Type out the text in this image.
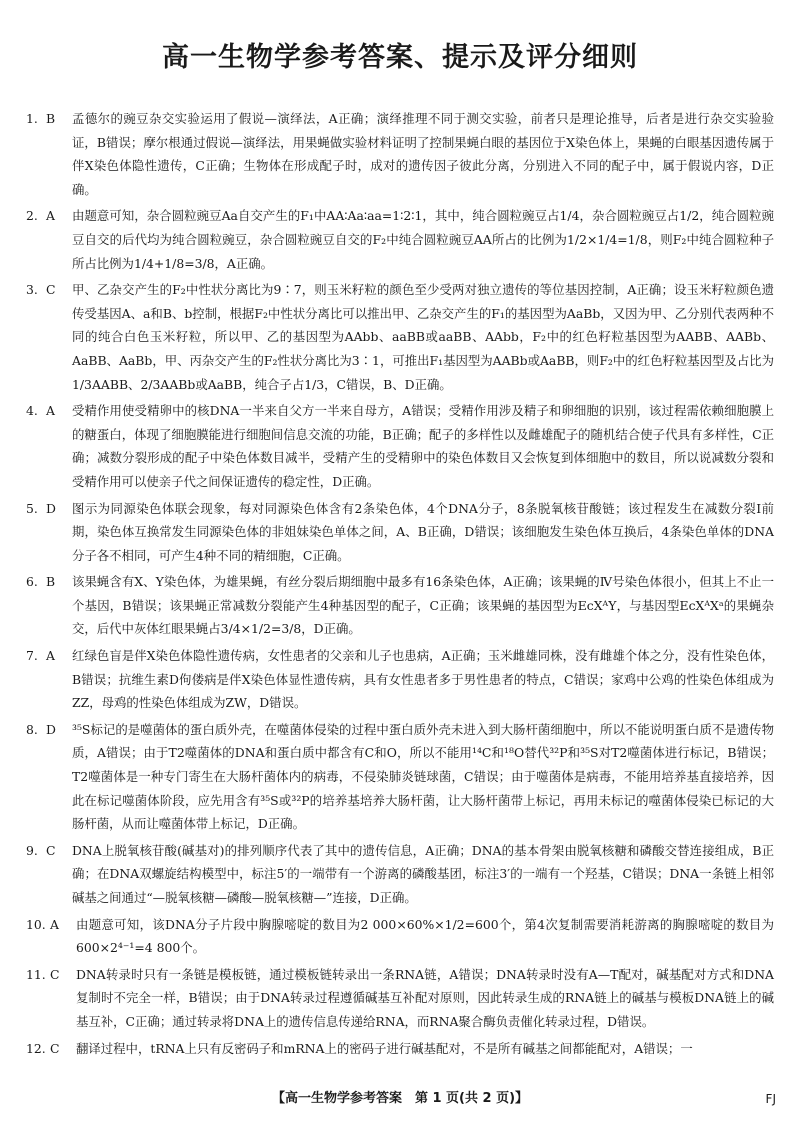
高一生物学参考答案、提示及评分细则
1. B	孟德尔的豌豆杂交实验运用了假说—演绎法，A正确；演绎推理不同于测交实验，前者只是理论推导，后者是进行杂交实验验证，B错误；摩尔根通过假说—演绎法，用果蝇做实验材料证明了控制果蝇白眼的基因位于X染色体上，果蝇的白眼基因遗传属于伴X染色体隐性遗传，C正确；生物体在形成配子时，成对的遗传因子彼此分离，分别进入不同的配子中，属于假说内容，D正确。
2. A	由题意可知，杂合圆粒豌豆Aa自交产生的F₁中AA∶Aa∶aa=1∶2∶1，其中，纯合圆粒豌豆占1/4，杂合圆粒豌豆占1/2，纯合圆粒豌豆自交的后代均为纯合圆粒豌豆，杂合圆粒豌豆自交的F₂中纯合圆粒豌豆AA所占的比例为1/2×1/4=1/8，则F₂中纯合圆粒种子所占比例为1/4+1/8=3/8，A正确。
3. C	甲、乙杂交产生的F₂中性状分离比为9∶7，则玉米籽粒的颜色至少受两对独立遗传的等位基因控制，A正确；设玉米籽粒颜色遗传受基因A、a和B、b控制，根据F₂中性状分离比可以推出甲、乙杂交产生的F₁的基因型为AaBb，又因为甲、乙分别代表两种不同的纯合白色玉米籽粒，所以甲、乙的基因型为AAbb、aaBB或aaBB、AAbb，F₂中的红色籽粒基因型为AABB、AABb、AaBB、AaBb，甲、丙杂交产生的F₂性状分离比为3∶1，可推出F₁基因型为AABb或AaBB，则F₂中的红色籽粒基因型及占比为1/3AABB、2/3AABb或AaBB，纯合子占1/3，C错误，B、D正确。
4. A	受精作用使受精卵中的核DNA一半来自父方一半来自母方，A错误；受精作用涉及精子和卵细胞的识别，该过程需依赖细胞膜上的糖蛋白，体现了细胞膜能进行细胞间信息交流的功能，B正确；配子的多样性以及雌雄配子的随机结合使子代具有多样性，C正确；减数分裂形成的配子中染色体数目减半，受精产生的受精卵中的染色体数目又会恢复到体细胞中的数目，所以说减数分裂和受精作用可以使亲子代之间保证遗传的稳定性，D正确。
5. D	图示为同源染色体联会现象，每对同源染色体含有2条染色体，4个DNA分子，8条脱氧核苷酸链；该过程发生在减数分裂Ⅰ前期，染色体互换常发生同源染色体的非姐妹染色单体之间，A、B正确，D错误；该细胞发生染色体互换后，4条染色单体的DNA分子各不相同，可产生4种不同的精细胞，C正确。
6. B	该果蝇含有X、Y染色体，为雄果蝇，有丝分裂后期细胞中最多有16条染色体，A正确；该果蝇的Ⅳ号染色体很小，但其上不止一个基因，B错误；该果蝇正常减数分裂能产生4种基因型的配子，C正确；该果蝇的基因型为EcXᴬY，与基因型EcXᴬXᵃ的果蝇杂交，后代中灰体红眼果蝇占3/4×1/2=3/8，D正确。
7. A	红绿色盲是伴X染色体隐性遗传病，女性患者的父亲和儿子也患病，A正确；玉米雌雄同株，没有雌雄个体之分，没有性染色体，B错误；抗维生素D佝偻病是伴X染色体显性遗传病，具有女性患者多于男性患者的特点，C错误；家鸡中公鸡的性染色体组成为ZZ，母鸡的性染色体组成为ZW，D错误。
8. D	³⁵S标记的是噬菌体的蛋白质外壳，在噬菌体侵染的过程中蛋白质外壳未进入到大肠杆菌细胞中，所以不能说明蛋白质不是遗传物质，A错误；由于T2噬菌体的DNA和蛋白质中都含有C和O，所以不能用¹⁴C和¹⁸O替代³²P和³⁵S对T2噬菌体进行标记，B错误；T2噬菌体是一种专门寄生在大肠杆菌体内的病毒，不侵染肺炎链球菌，C错误；由于噬菌体是病毒，不能用培养基直接培养，因此在标记噬菌体阶段，应先用含有³⁵S或³²P的培养基培养大肠杆菌，让大肠杆菌带上标记，再用未标记的噬菌体侵染已标记的大肠杆菌，从而让噬菌体带上标记，D正确。
9. C	DNA上脱氧核苷酸(碱基对)的排列顺序代表了其中的遗传信息，A正确；DNA的基本骨架由脱氧核糖和磷酸交替连接组成，B正确；在DNA双螺旋结构模型中，标注5′的一端带有一个游离的磷酸基团，标注3′的一端有一个羟基，C错误；DNA一条链上相邻碱基之间通过“—脱氧核糖—磷酸—脱氧核糖—”连接，D正确。
10. A	由题意可知，该DNA分子片段中胸腺嘧啶的数目为2 000×60%×1/2=600个，第4次复制需要消耗游离的胸腺嘧啶的数目为600×2⁴⁻¹=4 800个。
11. C	DNA转录时只有一条链是模板链，通过模板链转录出一条RNA链，A错误；DNA转录时没有A—T配对，碱基配对方式和DNA复制时不完全一样，B错误；由于DNA转录过程遵循碱基互补配对原则，因此转录生成的RNA链上的碱基与模板DNA链上的碱基互补，C正确；通过转录将DNA上的遗传信息传递给RNA，而RNA聚合酶负责催化转录过程，D错误。
12. C	翻译过程中，tRNA上只有反密码子和mRNA上的密码子进行碱基配对，不是所有碱基之间都能配对，A错误；一
【高一生物学参考答案　第 1 页(共 2 页)】	FJ
